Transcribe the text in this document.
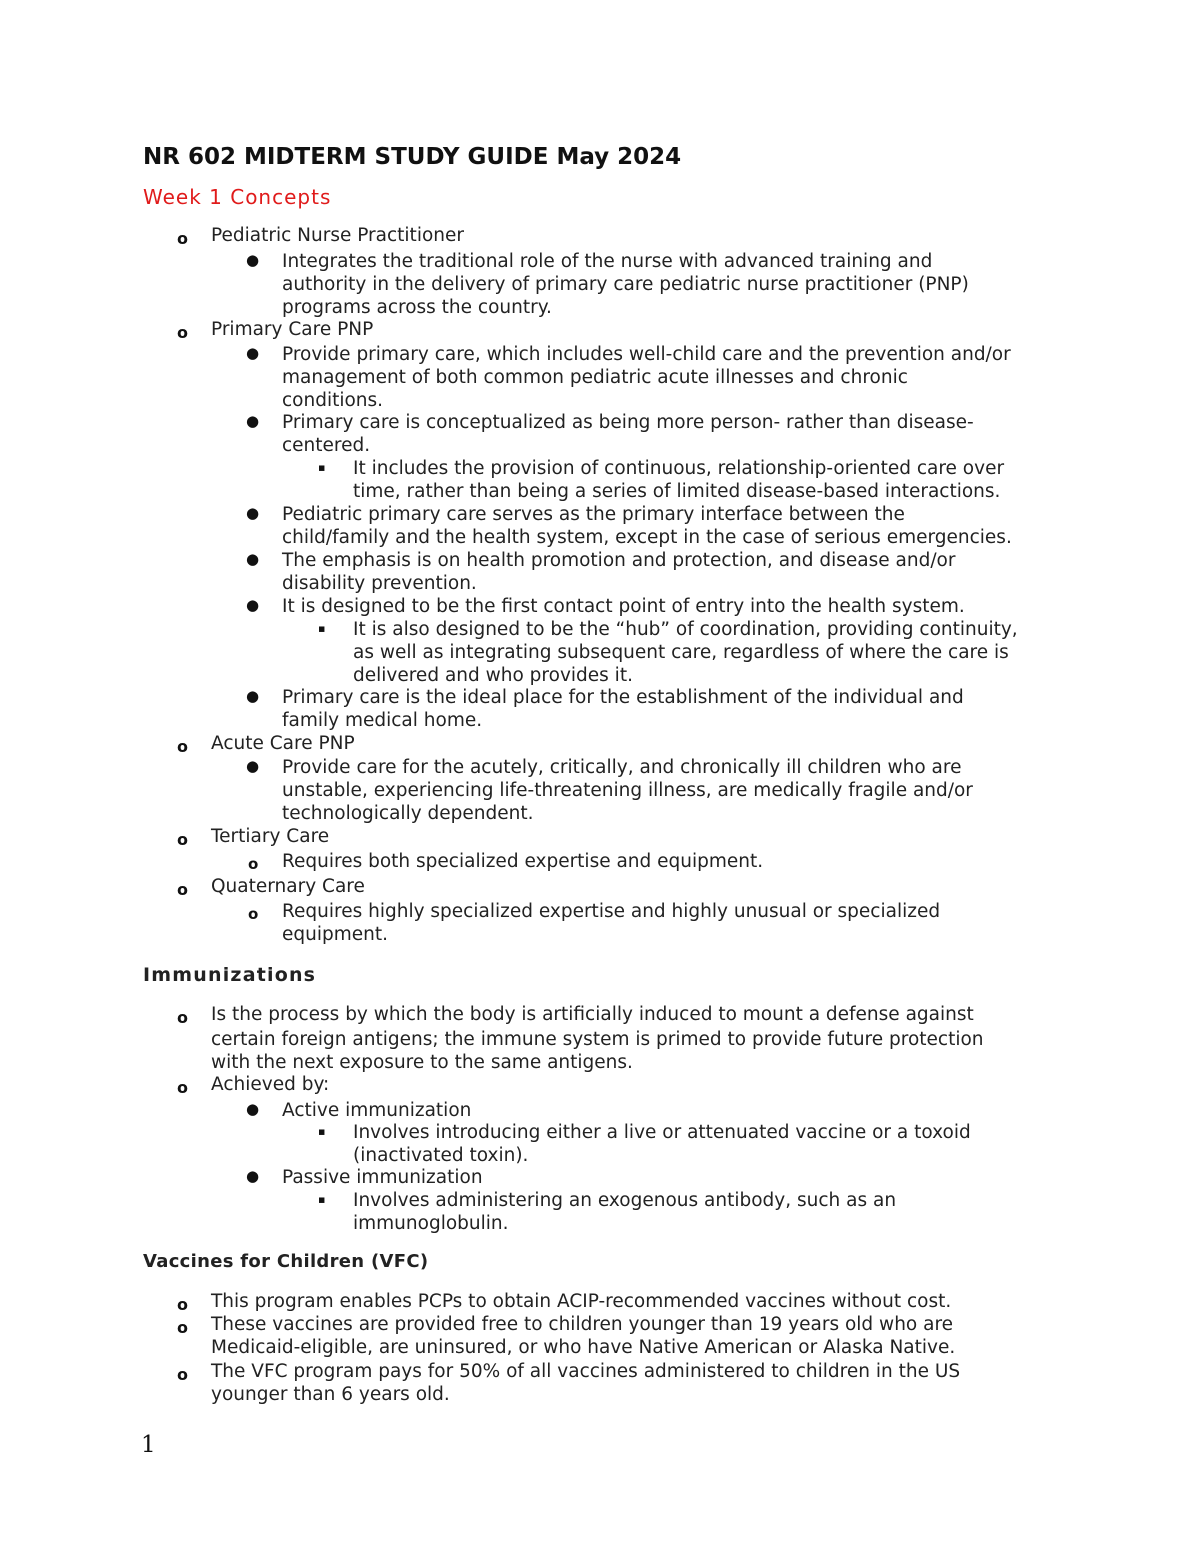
NR 602 MIDTERM STUDY GUIDE May 2024
Week 1 Concepts
o Pediatric Nurse Practitioner
● Integrates the traditional role of the nurse with advanced training and
authority in the delivery of primary care pediatric nurse practitioner (PNP)
programs across the country.
o Primary Care PNP
● Provide primary care, which includes well-child care and the prevention and/or
management of both common pediatric acute illnesses and chronic
conditions.
● Primary care is conceptualized as being more person- rather than disease-
centered.
▪ It includes the provision of continuous, relationship-oriented care over
time, rather than being a series of limited disease-based interactions.
● Pediatric primary care serves as the primary interface between the
child/family and the health system, except in the case of serious emergencies.
● The emphasis is on health promotion and protection, and disease and/or
disability prevention.
● It is designed to be the first contact point of entry into the health system.
▪ It is also designed to be the “hub” of coordination, providing continuity,
as well as integrating subsequent care, regardless of where the care is
delivered and who provides it.
● Primary care is the ideal place for the establishment of the individual and
family medical home.
o Acute Care PNP
● Provide care for the acutely, critically, and chronically ill children who are
unstable, experiencing life-threatening illness, are medically fragile and/or
technologically dependent.
o Tertiary Care
o Requires both specialized expertise and equipment.
o Quaternary Care
o Requires highly specialized expertise and highly unusual or specialized
equipment.
Immunizations
o Is the process by which the body is artificially induced to mount a defense against
certain foreign antigens; the immune system is primed to provide future protection
with the next exposure to the same antigens.
o Achieved by:
● Active immunization
▪ Involves introducing either a live or attenuated vaccine or a toxoid
(inactivated toxin).
● Passive immunization
▪ Involves administering an exogenous antibody, such as an
immunoglobulin.
Vaccines for Children (VFC)
o This program enables PCPs to obtain ACIP-recommended vaccines without cost.
o These vaccines are provided free to children younger than 19 years old who are
Medicaid-eligible, are uninsured, or who have Native American or Alaska Native.
o The VFC program pays for 50% of all vaccines administered to children in the US
younger than 6 years old.

1
